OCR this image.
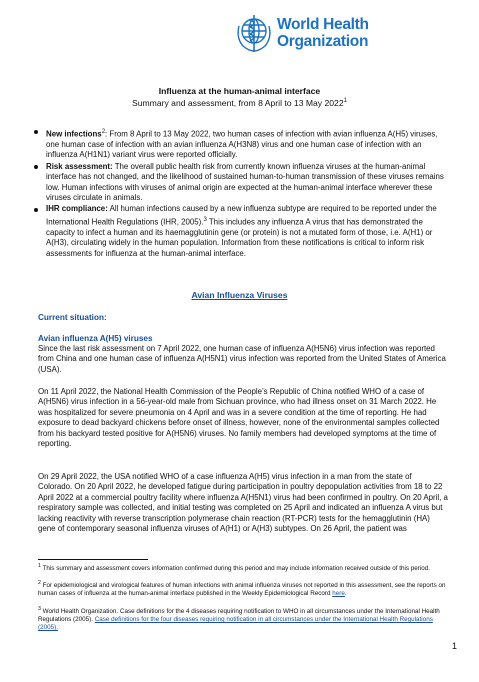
World Health
Organization
Influenza at the human-animal interface
Summary and assessment, from 8 April to 13 May 2022$^1$
New infections$^2$: From 8 April to 13 May 2022, two human cases of infection with avian influenza A(H5) viruses, one human case of infection with an avian influenza A(H3N8) virus and one human case of infection with an influenza A(H1N1) variant virus were reported officially.
Risk assessment: The overall public health risk from currently known influenza viruses at the human-animal interface has not changed, and the likelihood of sustained human-to-human transmission of these viruses remains low. Human infections with viruses of animal origin are expected at the human-animal interface wherever these viruses circulate in animals.
IHR compliance: All human infections caused by a new influenza subtype are required to be reported under the International Health Regulations (IHR, 2005).$^3$ This includes any influenza A virus that has demonstrated the capacity to infect a human and its haemagglutinin gene (or protein) is not a mutated form of those, i.e. A(H1) or A(H3), circulating widely in the human population. Information from these notifications is critical to inform risk assessments for influenza at the human-animal interface.
Avian Influenza Viruses
Current situation:
Avian influenza A(H5) viruses
Since the last risk assessment on 7 April 2022, one human case of influenza A(H5N6) virus infection was reported from China and one human case of influenza A(H5N1) virus infection was reported from the United States of America (USA).
On 11 April 2022, the National Health Commission of the People’s Republic of China notified WHO of a case of A(H5N6) virus infection in a 56-year-old male from Sichuan province, who had illness onset on 31 March 2022. He was hospitalized for severe pneumonia on 4 April and was in a severe condition at the time of reporting. He had exposure to dead backyard chickens before onset of illness, however, none of the environmental samples collected from his backyard tested positive for A(H5N6) viruses. No family members had developed symptoms at the time of reporting.
On 29 April 2022, the USA notified WHO of a case influenza A(H5) virus infection in a man from the state of Colorado. On 20 April 2022, he developed fatigue during participation in poultry depopulation activities from 18 to 22 April 2022 at a commercial poultry facility where influenza A(H5N1) virus had been confirmed in poultry. On 20 April, a respiratory sample was collected, and initial testing was completed on 25 April and indicated an influenza A virus but lacking reactivity with reverse transcription polymerase chain reaction (RT-PCR) tests for the hemagglutinin (HA) gene of contemporary seasonal influenza viruses of A(H1) or A(H3) subtypes. On 26 April, the patient was
$^1$ This summary and assessment covers information confirmed during this period and may include information received outside of this period.
$^2$ For epidemiological and virological features of human infections with animal influenza viruses not reported in this assessment, see the reports on human cases of influenza at the human-animal interface published in the Weekly Epidemiological Record here.
$^3$ World Health Organization. Case definitions for the 4 diseases requiring notification to WHO in all circumstances under the International Health Regulations (2005). Case definitions for the four diseases requiring notification in all circumstances under the International Health Regulations (2005).
1
